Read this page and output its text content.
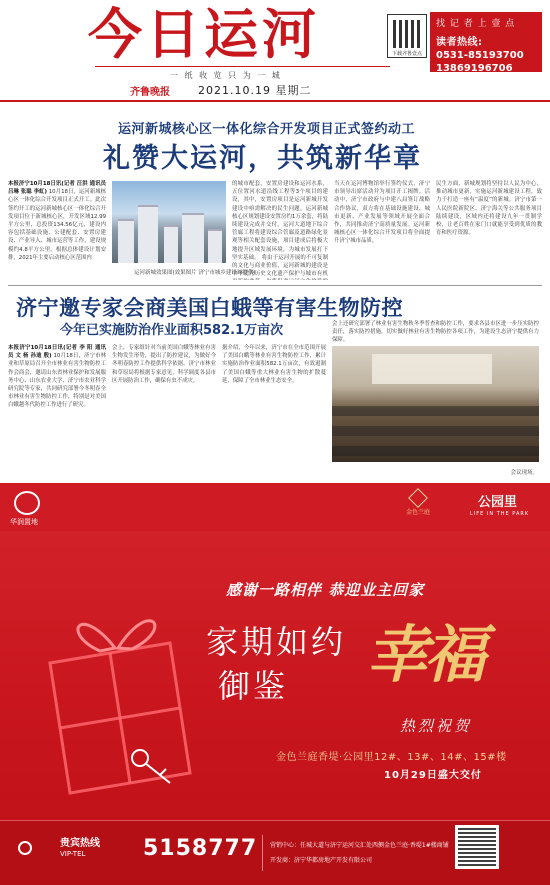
今日运河
一 纸 收 览 只 为 一 城
齐鲁晚报	2021.10.19 星期二
下载齐鲁壹点
找 记 者 上 壹 点
读者热线:
0531-85193700
13869196706
运河新城核心区一体化综合开发项目正式签约动工
礼赞大运河，共筑新华章
本报济宁10月18日讯(记者 汪洪 通讯员 吕琳 张聪 李虹) 10月18日，运河新城核心区一体化综合开发项目正式开工。此次签约开工的运河新城核心区一体化综合开发项目位于新城核心区，开发区域12.99平方公里，总投资134.56亿元，建设内容包括基础设施、公建配套、安置房建设、产业导入、城市运营等工作，建设规模约4.8平方公里，根据总体建设计划安排，2021年主要启动核心区范围内
运河新城效果图(效果图片 济宁市城乡建设局提供)
的城市配套，安置房建设和运河水系，五位置河水道沿线工程等3个项目的建设，其中，安置房项目是运河新城开发建设中亟需解决的民生问题，运河新城核心区规划建设安置房约1万余套，将陆续建设完成并交付，运河大道地下综合管廊工程将建设综合管廊及道路绿化景观等相关配套设施，项目建成后将极大地提升区域发展环境，为城市发展打下坚实基础。 将由于运河开展的不可复制的文化与商业价值，运河新城的建设是中华优秀历史文化遗产保护与城市有机
当天在运河博物馆举行签约仪式，济宁市领导出席活动并为项目开工揭牌。活动中，济宁市政府与中建八局签订战略合作协议，双方将在基础设施建设、城市更新、产业发展等领域开展全面合作，共同推动济宁高质量发展。运河新城核心区一体化综合开发项目将全面提升济宁城市品质。
民生方面，新城规划将坚持以人民为中心，推动城市更新，实施运河新城建设工程，致力于打造一座有“温度”的新城。济宁市第一人民医院新院区、济宁海关等公共服务项目陆续建设，区域内还将建设九年一贯制学校，让老百姓在家门口就能享受到优质的教育和医疗资源。
济宁邀专家会商美国白蛾等有害生物防控
今年已实施防治作业面积582.1万亩次
本报济宁10月18日讯(记者 李 阳 通讯员 文 杨 孙迪 殷) 10月18日，济宁市林业和草原局召开全市林业有害生物防控工作会商会，邀请山东省林业保护和发展服务中心、山东农业大学、济宁市农业科学研究院等专家，共同研究部署今冬明春全市林业有害生物防控工作，特别是对美国白蛾越冬代防控工作进行了研究。
会上，专家组针对当前美国白蛾等林业有害生物发生形势，提出了防控建议，为做好今冬明春防控工作提供科学依据。济宁市林业和草原局将根据专家意见，科学调度各县市区开展防治工作，确保有虫不成灾。
据介绍，今年以来，济宁市在全市范围开展了美国白蛾等林业有害生物防控工作，累计实施防治作业面积582.1万亩次，有效遏制了美国白蛾等重大林业有害生物的扩散蔓延，保障了全市林业生态安全。
会议现场。
华润置地
金色兰庭
公园里
LIFE IN THE PARK
感谢一路相伴 恭迎业主回家
家期如约
御鉴 幸福
热烈祝贺
金色兰庭香堤·公园里12#、13#、14#、15#楼
10月29日盛大交付
贵宾热线
VIP-TEL	5158777 营销中心：任城大道与济宁运河交汇处西侧金色兰庭·香堤1#楼商铺
开发商：济宁华都房地产开发有限公司
会上还研究部署了林业有害生物秋冬季普查和防控工作，要求各县市区进一步压实防控责任，落实防控措施，切实做好林业有害生物防控各项工作，为建设生态济宁提供有力保障。
